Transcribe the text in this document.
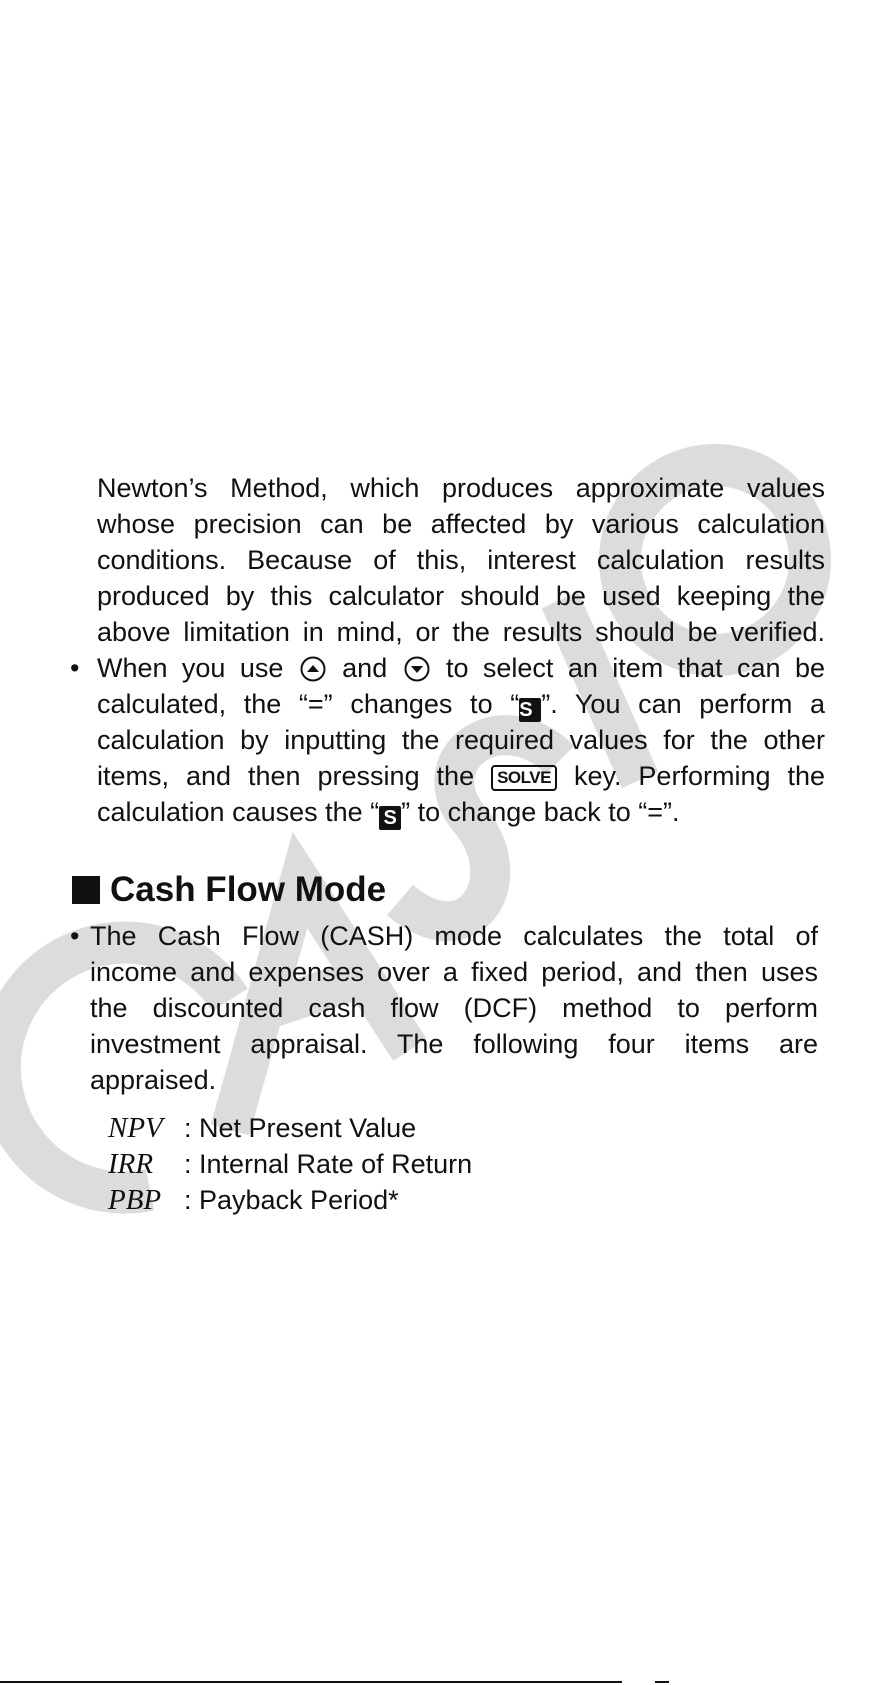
Newton’s Method, which produces approximate values
whose precision can be affected by various calculation
conditions. Because of this, interest calculation results
produced by this calculator should be used keeping the
above limitation in mind, or the results should be verified.
• When you use and to select an item that can be
calculated, the “=” changes to “S ”. You can perform a
calculation by inputting the required values for the other
items, and then pressing the SOLVE key. Performing the
calculation causes the “ S ” to change back to “=”.
Cash Flow Mode
• The Cash Flow (CASH) mode calculates the total of
income and expenses over a fixed period, and then uses
the discounted cash flow (DCF) method to perform
investment appraisal. The following four items are
appraised.
NPV : Net Present Value
IRR : Internal Rate of Return
PBP : Payback Period*
